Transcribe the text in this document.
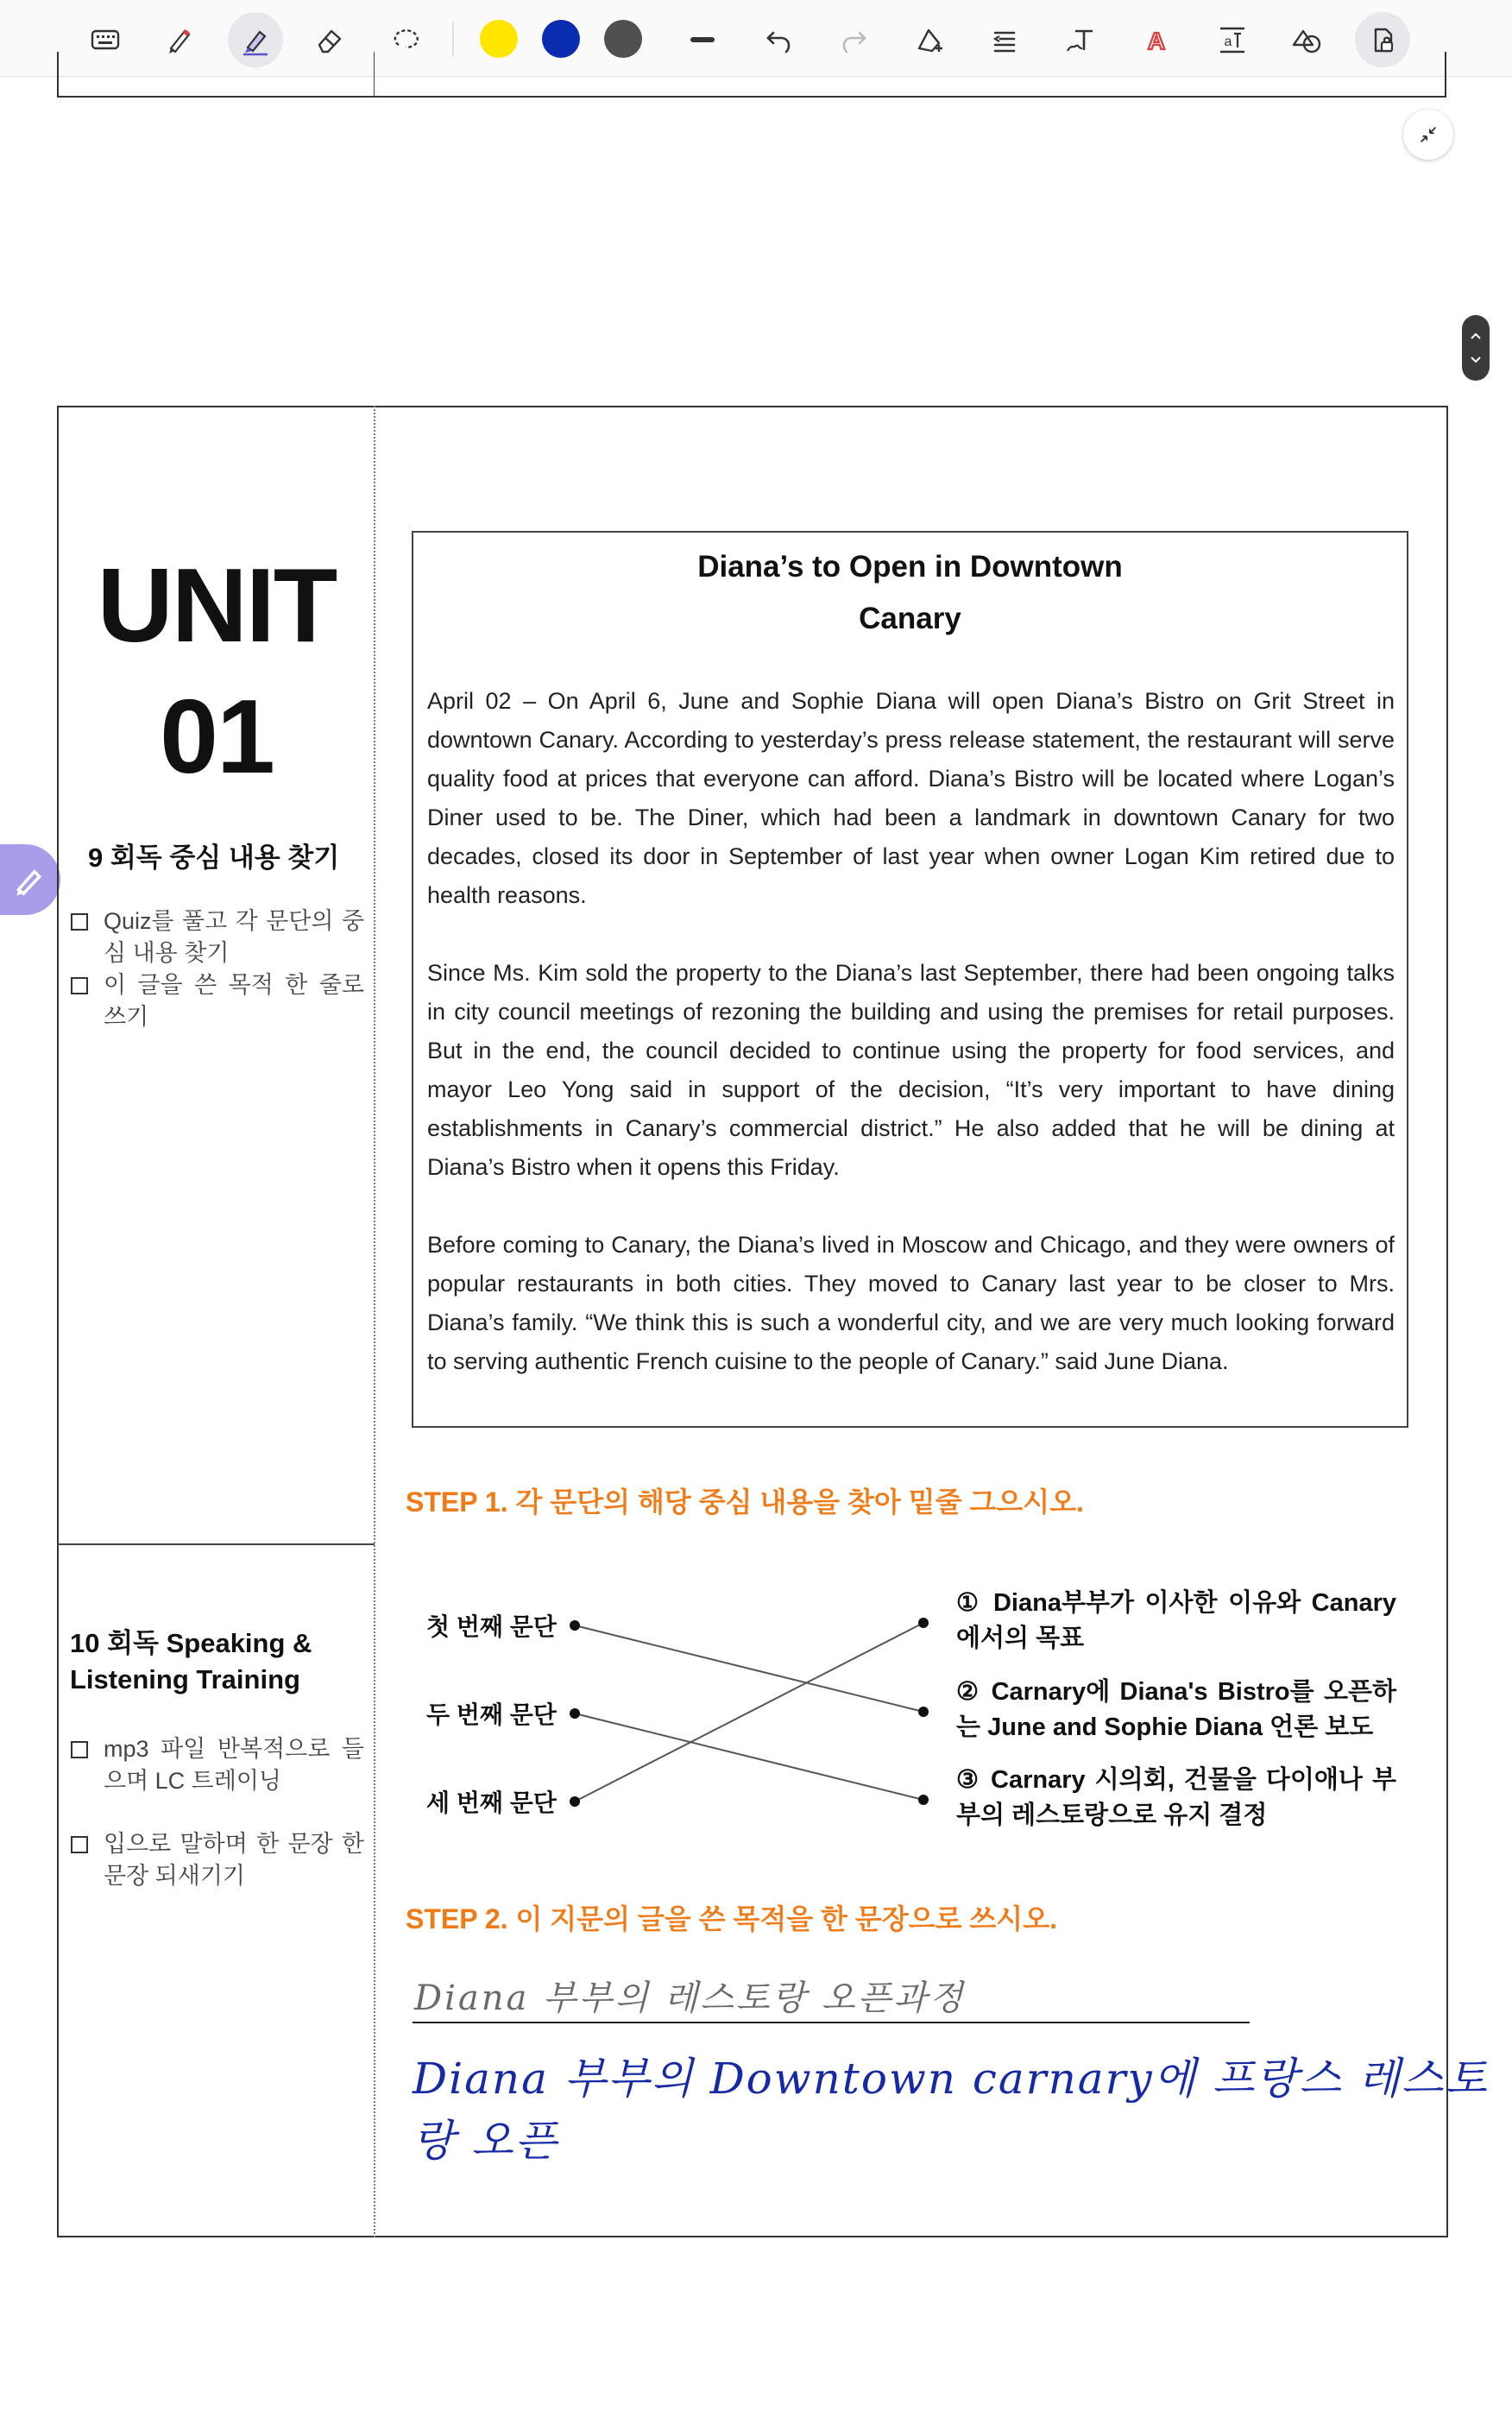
A	a
UNIT
01
9 회독 중심 내용 찾기
Quiz를 풀고 각 문단의 중심 내용 찾기
이 글을 쓴 목적 한 줄로 쓰기
10 회독 Speaking &
Listening Training
mp3 파일 반복적으로 들으며 LC 트레이닝
입으로 말하며 한 문장 한 문장 되새기기
Diana’s to Open in Downtown
Canary
April 02 – On April 6, June and Sophie Diana will open Diana’s Bistro on Grit Street in downtown Canary. According to yesterday’s press release statement, the restaurant will serve quality food at prices that everyone can afford. Diana’s Bistro will be located where Logan’s Diner used to be. The Diner, which had been a landmark in downtown Canary for two decades, closed its door in September of last year when owner Logan Kim retired due to health reasons.
Since Ms. Kim sold the property to the Diana’s last September, there had been ongoing talks in city council meetings of rezoning the building and using the premises for retail purposes. But in the end, the council decided to continue using the property for food services, and mayor Leo Yong said in support of the decision, “It’s very important to have dining establishments in Canary’s commercial district.” He also added that he will be dining at Diana’s Bistro when it opens this Friday.
Before coming to Canary, the Diana’s lived in Moscow and Chicago, and they were owners of popular restaurants in both cities. They moved to Canary last year to be closer to Mrs. Diana’s family. “We think this is such a wonderful city, and we are very much looking forward to serving authentic French cuisine to the people of Canary.” said June Diana.
STEP 1. 각 문단의 해당 중심 내용을 찾아 밑줄 그으시오.
첫 번째 문단
두 번째 문단
세 번째 문단
① Diana부부가 이사한 이유와 Canary에서의 목표
② Carnary에 Diana's Bistro를 오픈하는 June and Sophie Diana 언론 보도
③ Carnary 시의회, 건물을 다이애나 부부의 레스토랑으로 유지 결정
STEP 2. 이 지문의 글을 쓴 목적을 한 문장으로 쓰시오.
Diana 부부의 레스토랑 오픈과정
Diana 부부의 Downtown carnary에 프랑스 레스토랑 오픈
